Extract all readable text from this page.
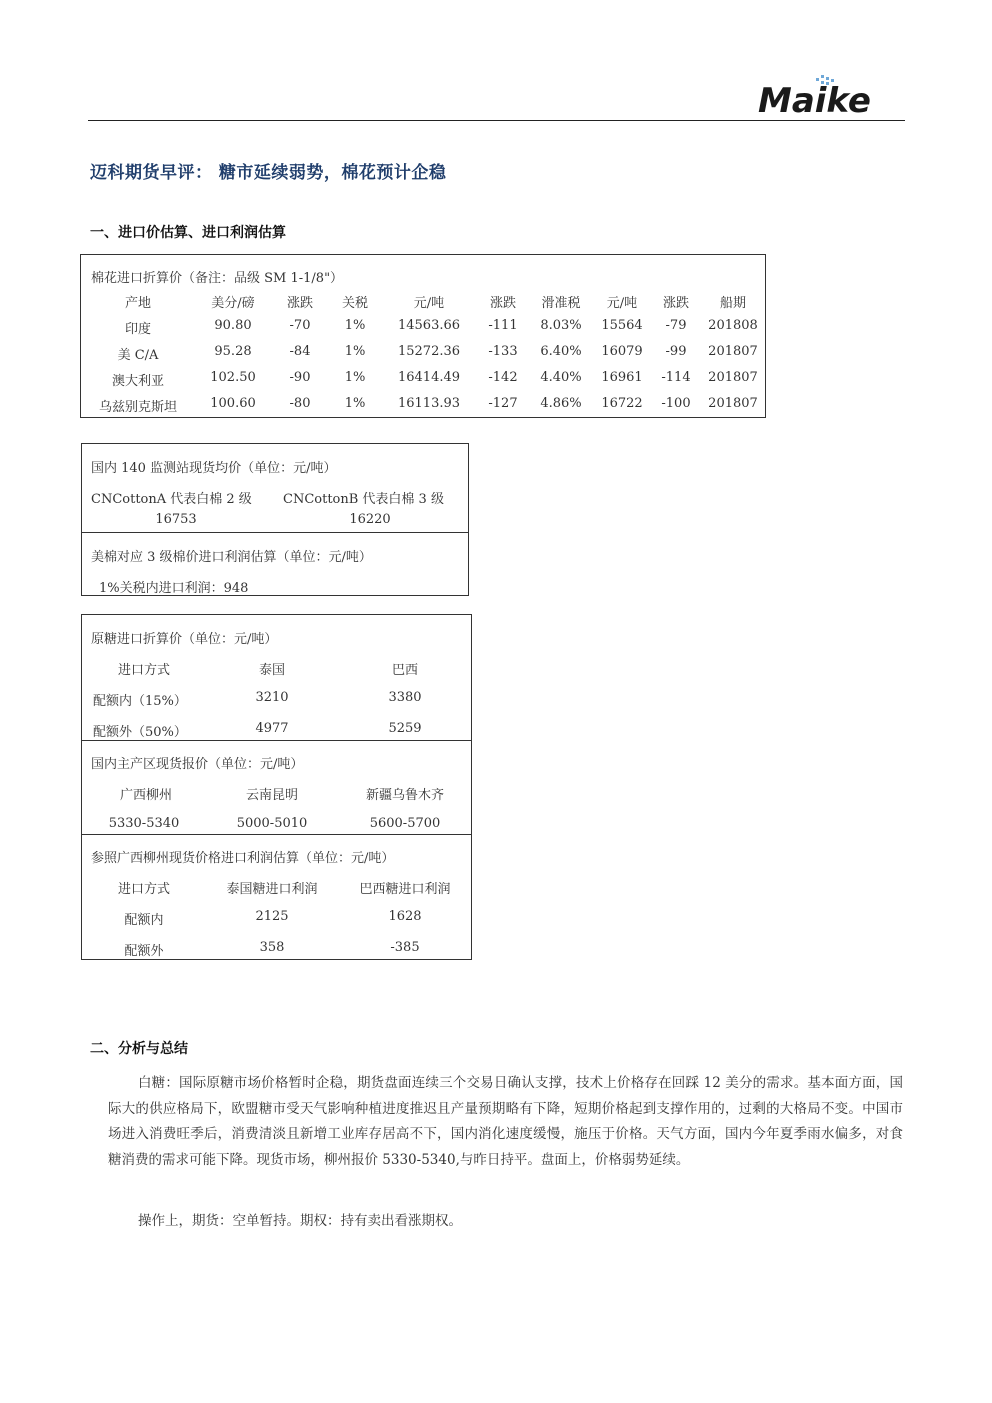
Maike
迈科期货早评： 糖市延续弱势，棉花预计企稳
一、进口价估算、进口利润估算
棉花进口折算价（备注：品级 SM 1-1/8"）
产地	美分/磅 涨跌 关税	元/吨	涨跌 滑准税 元/吨 涨跌 船期
印度	90.80	-70	1%	14563.66 -111 8.03% 15564 -79 201808
美 C/A	95.28	-84	1%	15272.36 -133 6.40% 16079 -99 201807
澳大利亚	102.50	-90	1%	16414.49 -142 4.40% 16961 -114 201807
乌兹别克斯坦	100.60	-80	1%	16113.93 -127 4.86% 16722 -100 201807
国内 140 监测站现货均价（单位：元/吨）
CNCottonA 代表白棉 2 级 CNCottonB 代表白棉 3 级
16753	16220
美棉对应 3 级棉价进口利润估算（单位：元/吨）
1%关税内进口利润：948
原糖进口折算价（单位：元/吨）
进口方式	泰国	巴西
配额内（15%）	3210	3380
配额外（50%）	4977	5259
国内主产区现货报价（单位：元/吨）
广西柳州	云南昆明	新疆乌鲁木齐
5330-5340	5000-5010	5600-5700
参照广西柳州现货价格进口利润估算（单位：元/吨）
进口方式	泰国糖进口利润	巴西糖进口利润
配额内	2125	1628
配额外	358	-385
二、分析与总结
白糖：国际原糖市场价格暂时企稳，期货盘面连续三个交易日确认支撑，技术上价格存在回踩 12 美分的需求。基本面方面，国际大的供应格局下，欧盟糖市受天气影响种植进度推迟且产量预期略有下降，短期价格起到支撑作用的，过剩的大格局不变。中国市场进入消费旺季后，消费清淡且新增工业库存居高不下，国内消化速度缓慢，施压于价格。天气方面，国内今年夏季雨水偏多，对食糖消费的需求可能下降。现货市场，柳州报价 5330-5340,与昨日持平。盘面上，价格弱势延续。
操作上，期货：空单暂持。期权：持有卖出看涨期权。
